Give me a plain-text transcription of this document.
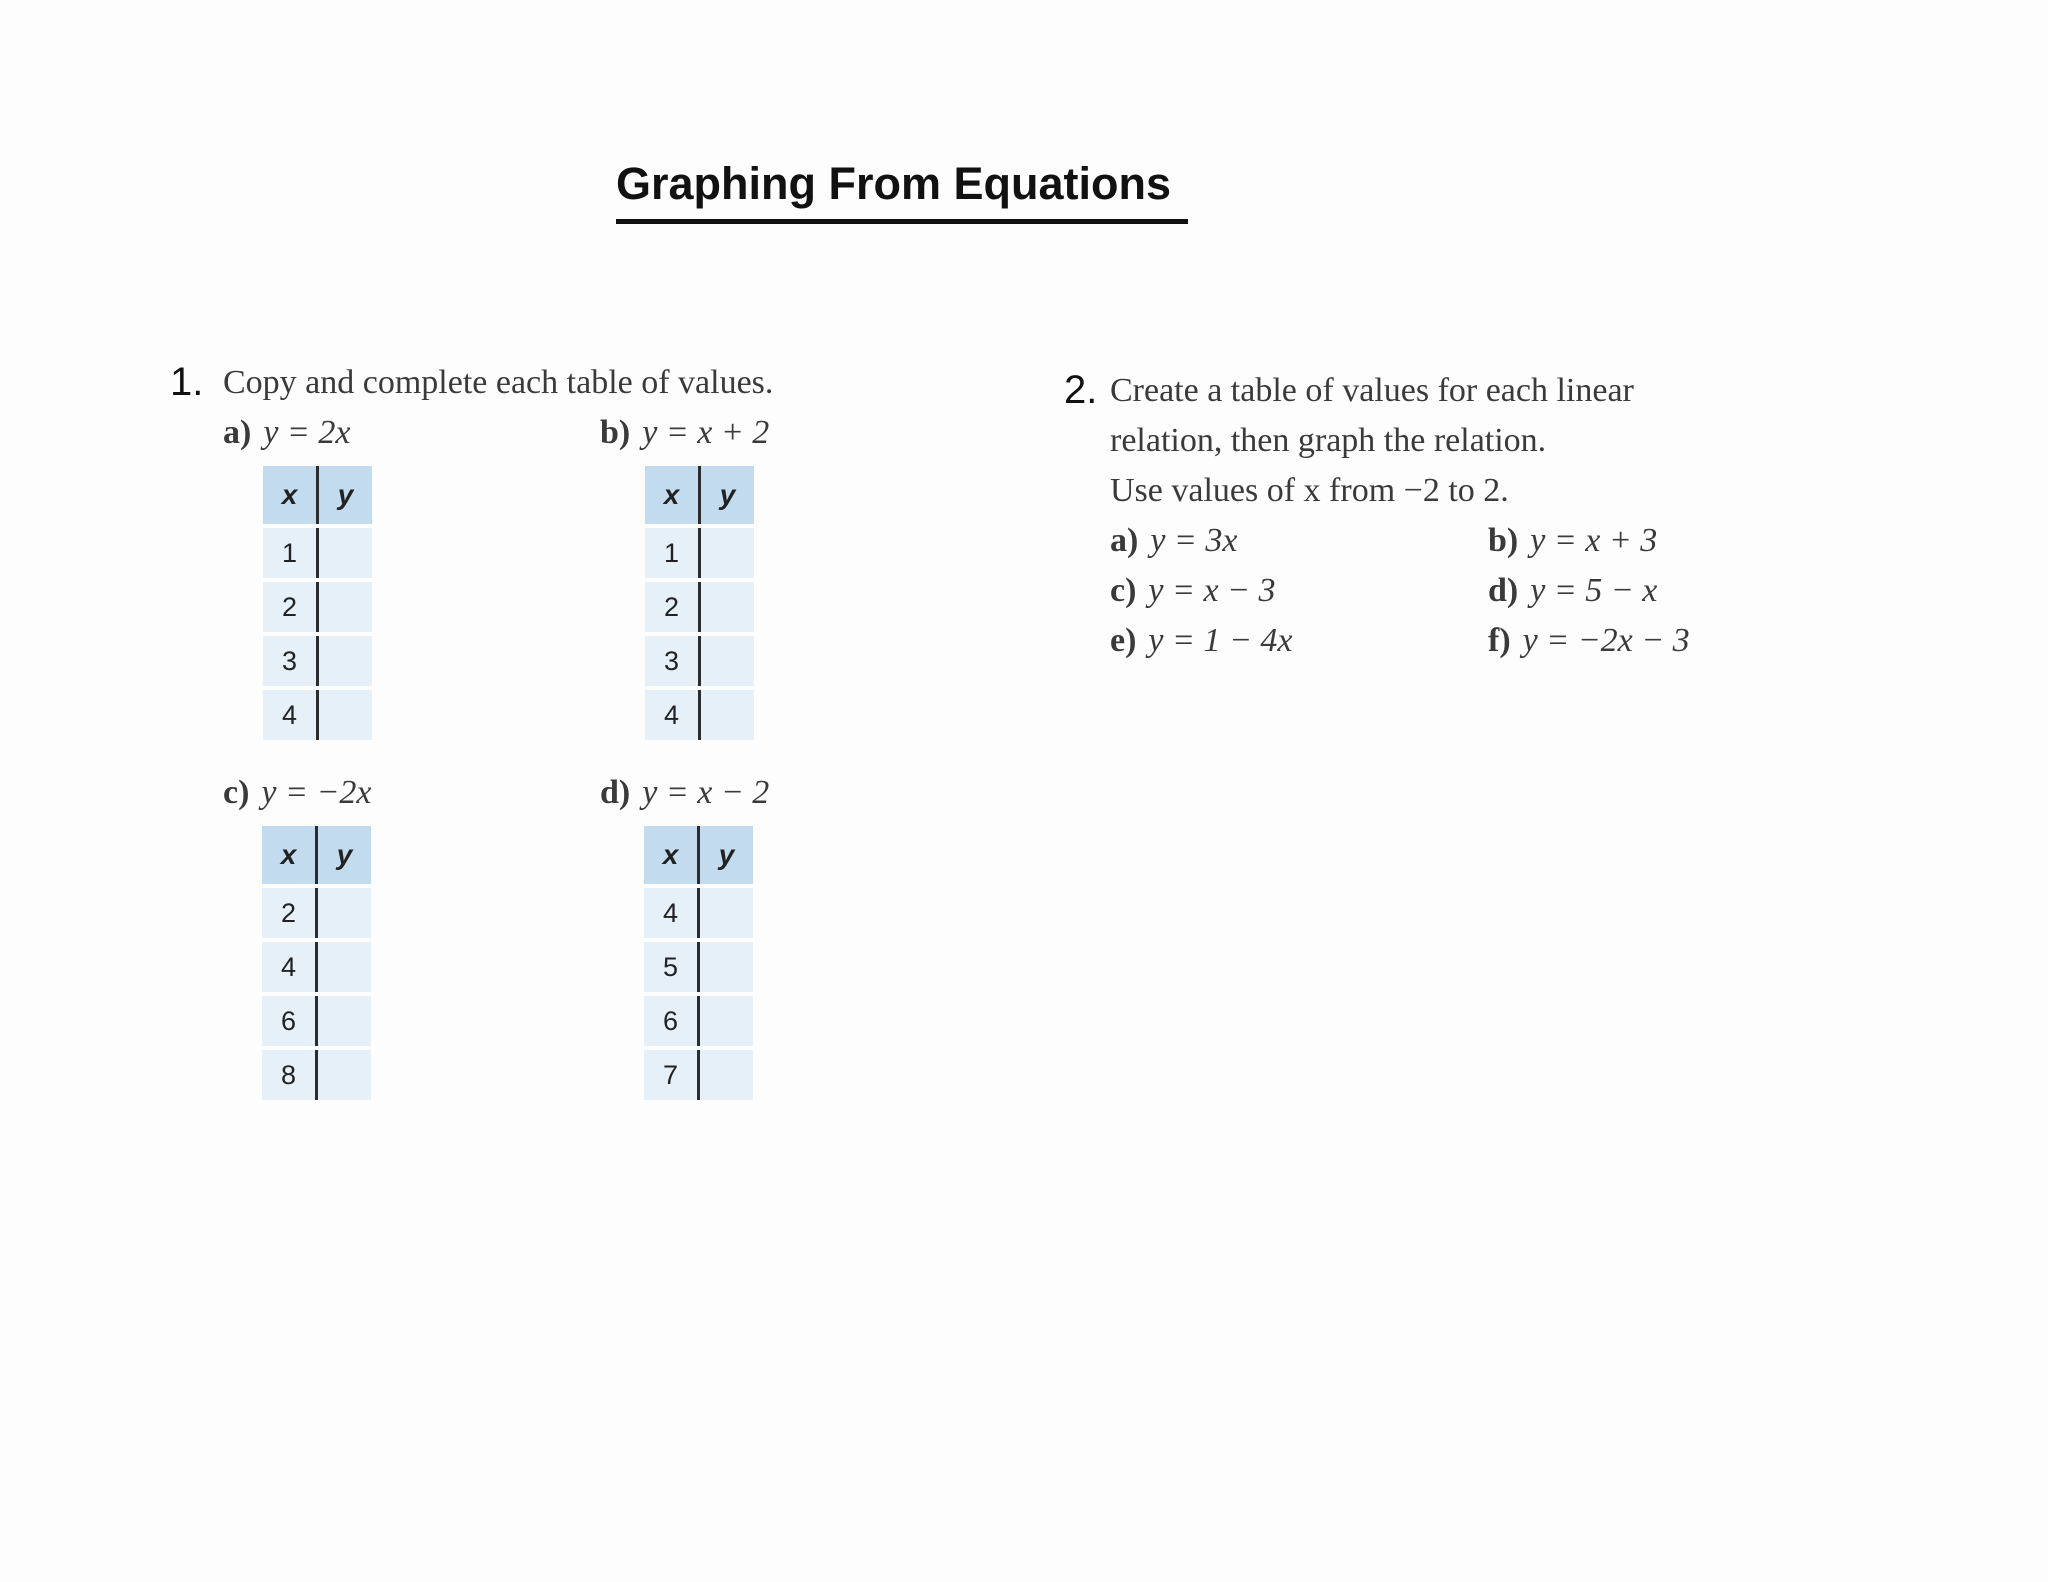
Graphing From Equations
1. Copy and complete each table of values.
a) y = 2x	b) y = x + 2
x	y
1	
2	
3	
4	
x	y
1	
2	
3	
4	
c) y = −2x	d) y = x − 2
x	y
2	
4	
6	
8	
x	y
4	
5	
6	
7	
2. Create a table of values for each linear
relation, then graph the relation.
Use values of x from −2 to 2.
a) y = 3x	b) y = x + 3
c) y = x − 3	d) y = 5 − x
e) y = 1 − 4x	f) y = −2x − 3
